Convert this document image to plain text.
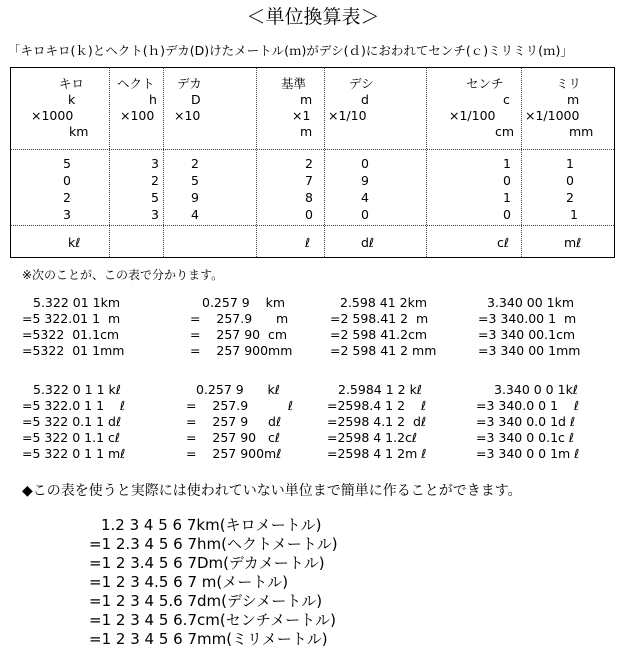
＜単位換算表＞
「キロキロ(ｋ)とヘクト(ｈ)デカ(D)けたメートル(ｍ)がデシ(ｄ)におわれてセンチ(ｃ)ミリミリ(ｍ)」
キロ
k
×1000
km
5
0
2
3
kℓ
ヘクト
h
×100
3
2
5
3
デカ
D
×10
2
5
9
4
基準
m
×1
m
2
7
8
0
ℓ
デシ
d
×1/10
0
9
4
0
dℓ
センチ
c
×1/100
cm
1
0
1
0
cℓ
ミリ
m
×1/1000
mm
1
0
2
1
mℓ
※次のことが、この表で分かります。
5.322 01 1km
=5 322.01 1  m
=5322  01.1cm
=5322  01 1mm
0.257 9    km
=    257.9      m
=    257 90  cm
=    257 900mm
2.598 41 2km
=2 598.41 2  m
=2 598 41.2cm
=2 598 41 2 mm
3.340 00 1km
=3 340.00 1  m
=3 340 00.1cm
=3 340 00 1mm
5.322 0 1 1 kℓ
=5 322.0 1 1    ℓ
=5 322 0.1 1 dℓ
=5 322 0 1.1 cℓ
=5 322 0 1 1 mℓ
0.257 9      kℓ
=    257.9          ℓ
=    257 9     dℓ
=    257 90   cℓ
=    257 900mℓ
2.5984 1 2 kℓ
=2598.4 1 2    ℓ
=2598 4.1 2  dℓ
=2598 4 1.2cℓ
=2598 4 1 2m ℓ
3.340 0 0 1kℓ
=3 340.0 0 1    ℓ
=3 340 0.0 1d ℓ
=3 340 0 0.1c ℓ
=3 340 0 0 1m ℓ
◆この表を使うと実際には使われていない単位まで簡単に作ることができます。
1.2 3 4 5 6 7km(キロメートル)
=1 2.3 4 5 6 7hm(ヘクトメートル)
=1 2 3.4 5 6 7Dm(デカメートル)
=1 2 3 4.5 6 7 m(メートル)
=1 2 3 4 5.6 7dm(デシメートル)
=1 2 3 4 5 6.7cm(センチメートル)
=1 2 3 4 5 6 7mm(ミリメートル)
